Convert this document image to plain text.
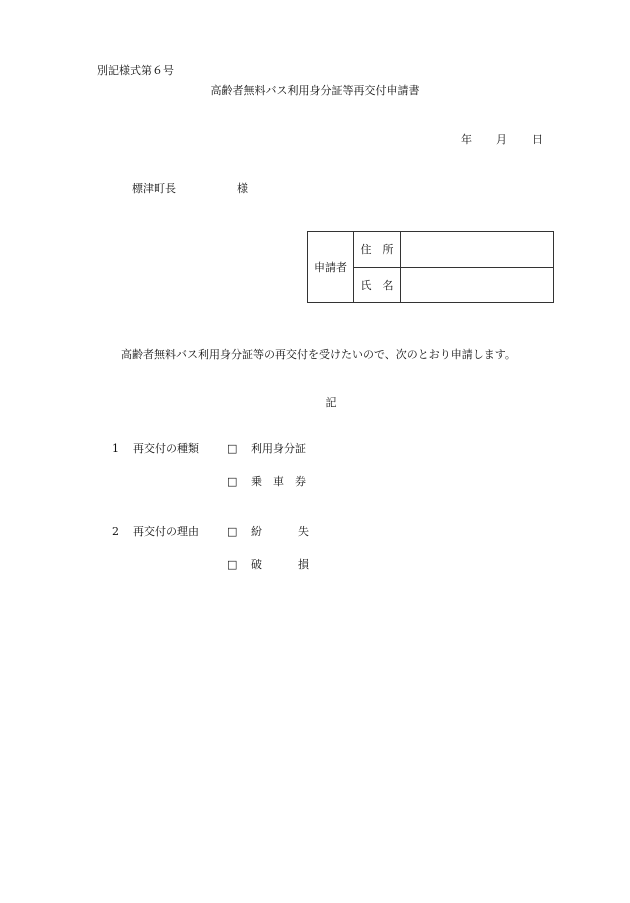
別記様式第６号
高齢者無料バス利用身分証等再交付申請書
年 月 日
標津町長	様
申請者	住　所	
	氏　名	
高齢者無料バス利用身分証等の再交付を受けたいので、次のとおり申請します。
記
1 再交付の種類	□ 利用身分証
□ 乗　車　券
2 再交付の理由	□ 紛	失
□ 破	損
